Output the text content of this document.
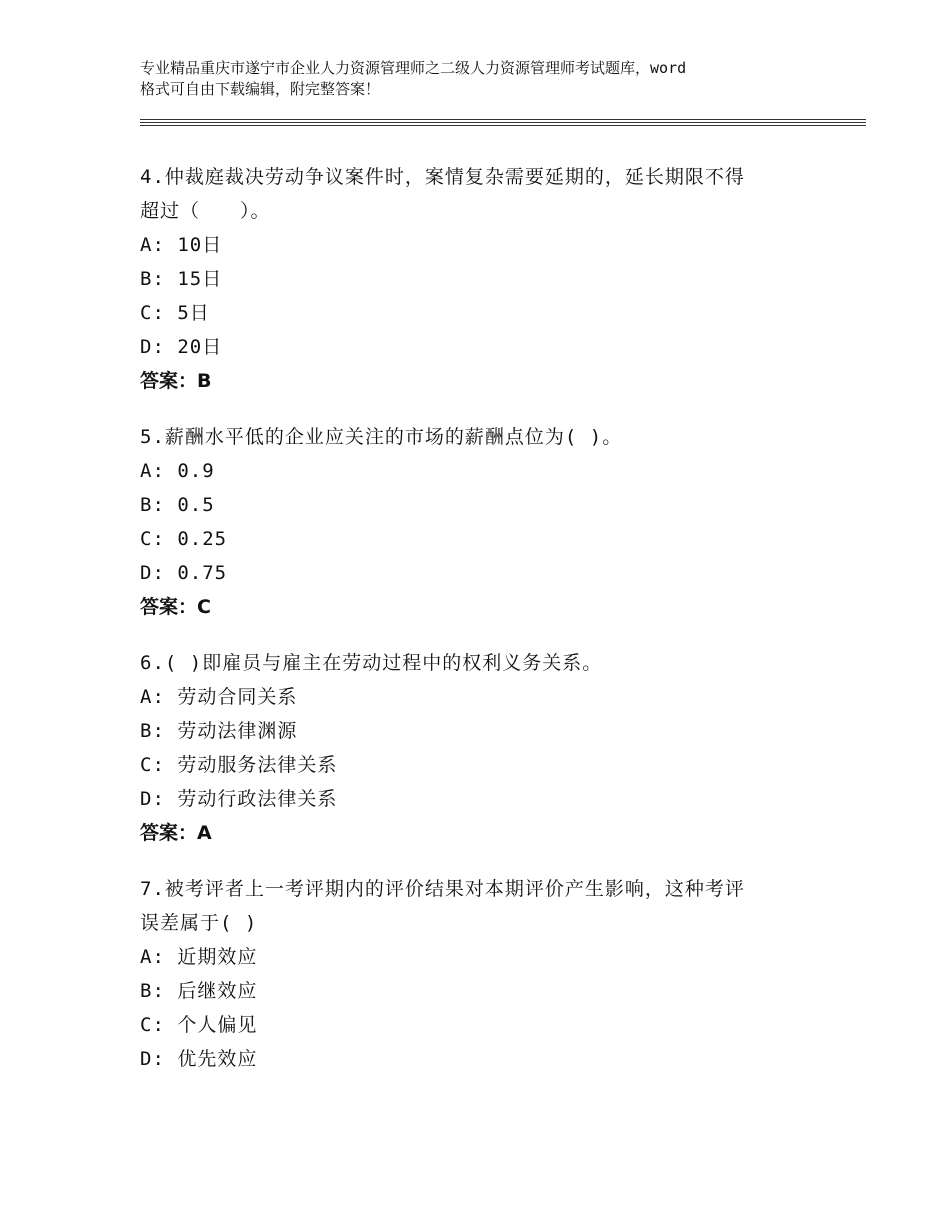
专业精品重庆市遂宁市企业人力资源管理师之二级人力资源管理师考试题库，word
格式可自由下载编辑，附完整答案！
4.仲裁庭裁决劳动争议案件时，案情复杂需要延期的，延长期限不得
超过（　　）。
A: 10日
B: 15日
C: 5日
D: 20日
答案：B
5.薪酬水平低的企业应关注的市场的薪酬点位为( )。
A: 0.9
B: 0.5
C: 0.25
D: 0.75
答案：C
6.( )即雇员与雇主在劳动过程中的权利义务关系。
A: 劳动合同关系
B: 劳动法律渊源
C: 劳动服务法律关系
D: 劳动行政法律关系
答案：A
7.被考评者上一考评期内的评价结果对本期评价产生影响，这种考评
误差属于( )
A: 近期效应
B: 后继效应
C: 个人偏见
D: 优先效应
